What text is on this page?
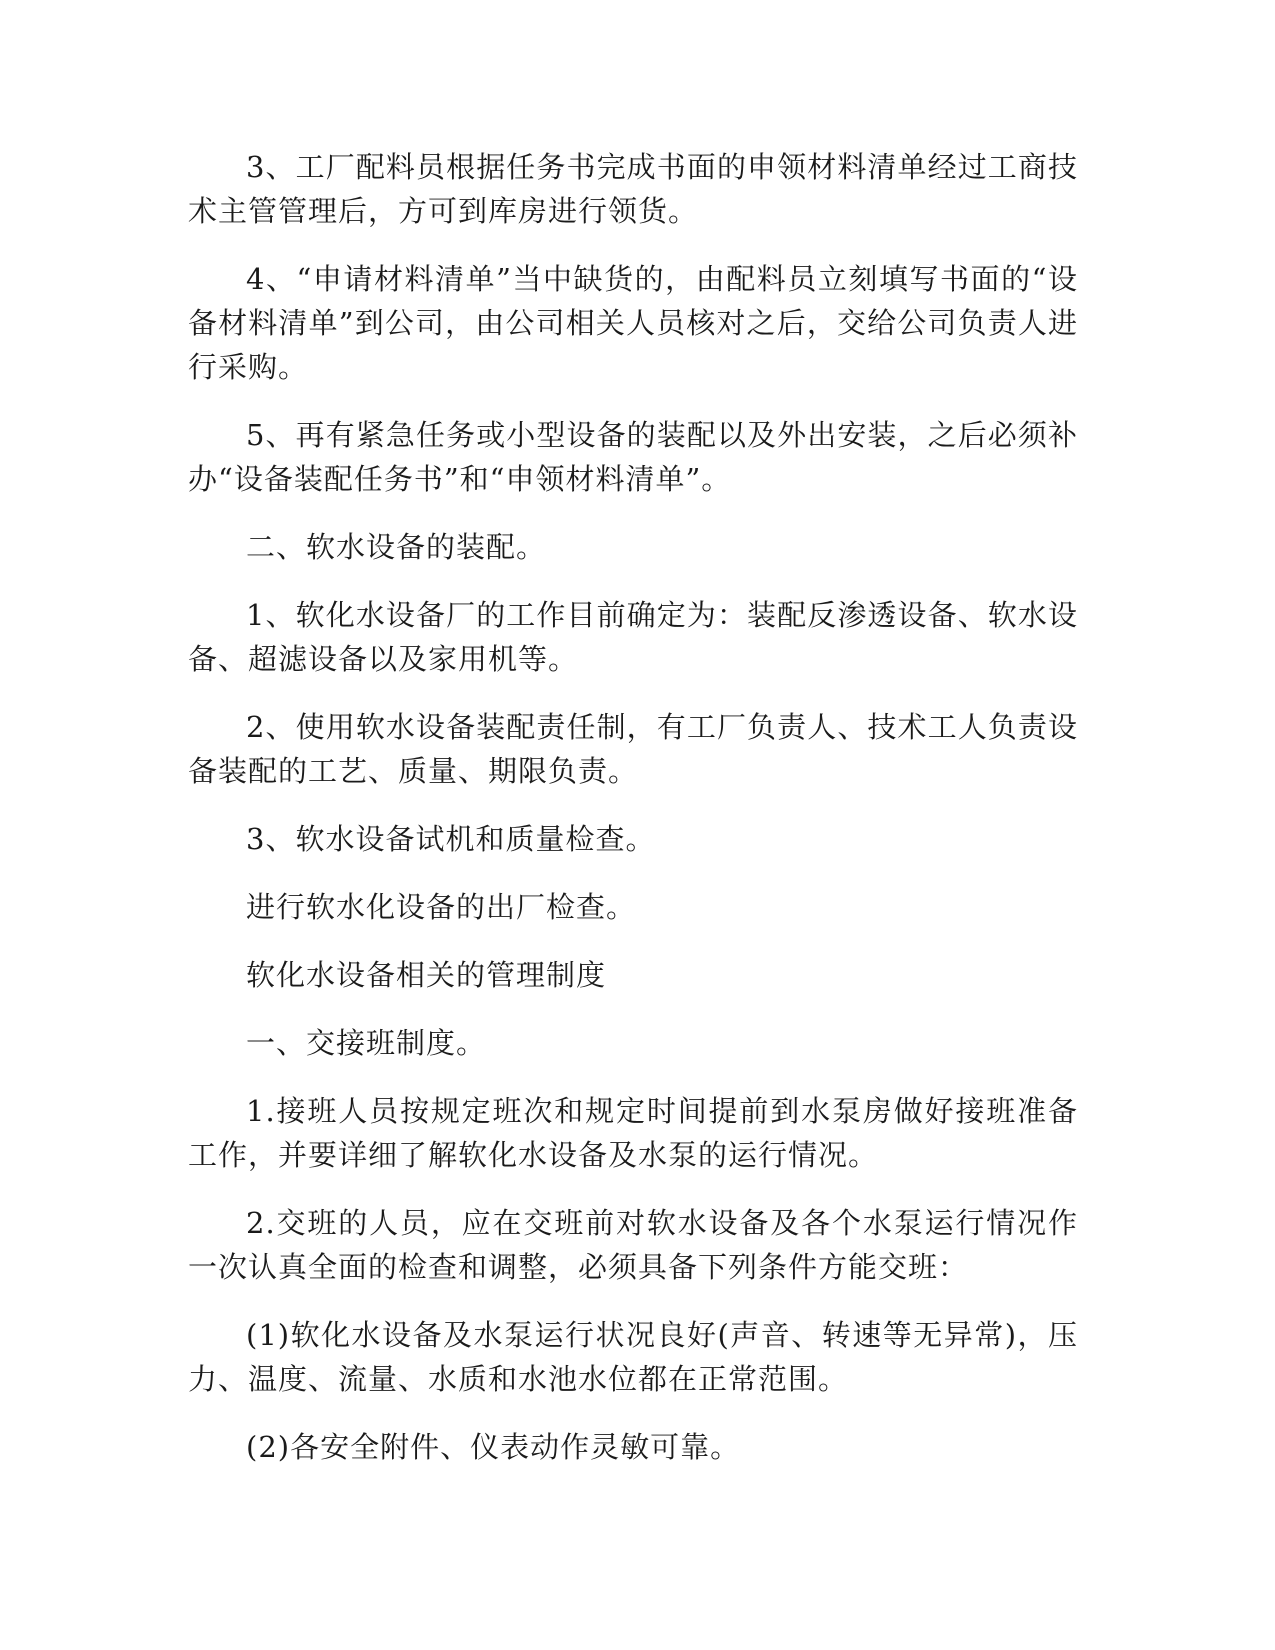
3、工厂配料员根据任务书完成书面的申领材料清单经过工商技术主管管理后，方可到库房进行领货。

4、“申请材料清单”当中缺货的，由配料员立刻填写书面的“设备材料清单”到公司，由公司相关人员核对之后，交给公司负责人进行采购。

5、再有紧急任务或小型设备的装配以及外出安装，之后必须补办“设备装配任务书”和“申领材料清单”。

二、软水设备的装配。

1、软化水设备厂的工作目前确定为：装配反渗透设备、软水设备、超滤设备以及家用机等。

2、使用软水设备装配责任制，有工厂负责人、技术工人负责设备装配的工艺、质量、期限负责。

3、软水设备试机和质量检查。

进行软水化设备的出厂检查。

软化水设备相关的管理制度

一、交接班制度。

1.接班人员按规定班次和规定时间提前到水泵房做好接班准备工作，并要详细了解软化水设备及水泵的运行情况。

2.交班的人员，应在交班前对软水设备及各个水泵运行情况作一次认真全面的检查和调整，必须具备下列条件方能交班：

(1)软化水设备及水泵运行状况良好(声音、转速等无异常)，压力、温度、流量、水质和水池水位都在正常范围。

(2)各安全附件、仪表动作灵敏可靠。
